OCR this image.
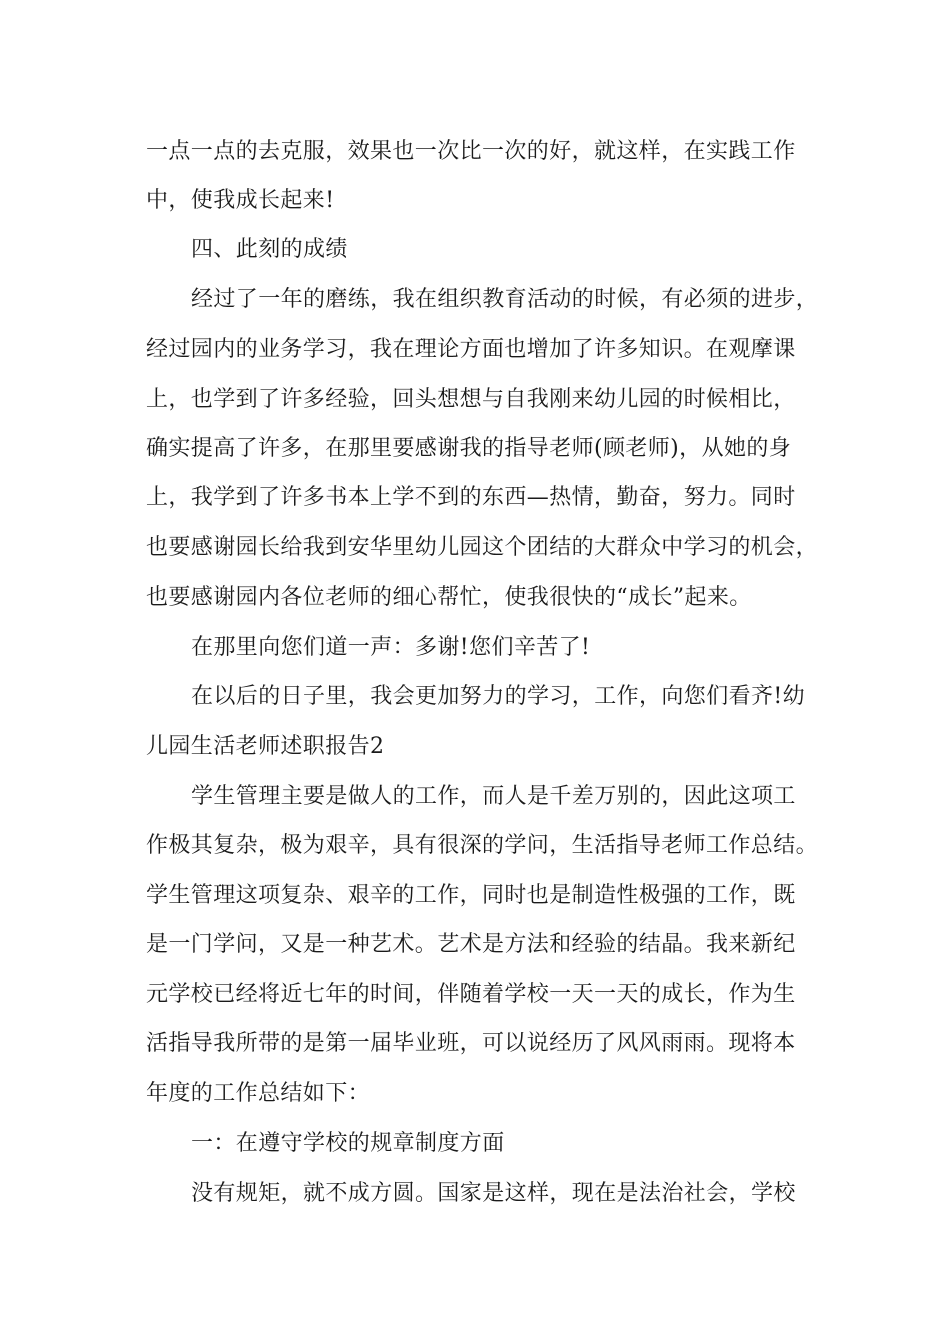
一点一点的去克服，效果也一次比一次的好，就这样，在实践工作
中，使我成长起来!
四、此刻的成绩
经过了一年的磨练，我在组织教育活动的时候，有必须的进步，
经过园内的业务学习，我在理论方面也增加了许多知识。在观摩课
上，也学到了许多经验，回头想想与自我刚来幼儿园的时候相比，
确实提高了许多，在那里要感谢我的指导老师(顾老师)，从她的身
上，我学到了许多书本上学不到的东西—热情，勤奋，努力。同时
也要感谢园长给我到安华里幼儿园这个团结的大群众中学习的机会，
也要感谢园内各位老师的细心帮忙，使我很快的“成长”起来。
在那里向您们道一声：多谢!您们辛苦了!
在以后的日子里，我会更加努力的学习，工作，向您们看齐!幼
儿园生活老师述职报告2
学生管理主要是做人的工作，而人是千差万别的，因此这项工
作极其复杂，极为艰辛，具有很深的学问，生活指导老师工作总结。
学生管理这项复杂、艰辛的工作，同时也是制造性极强的工作，既
是一门学问，又是一种艺术。艺术是方法和经验的结晶。我来新纪
元学校已经将近七年的时间，伴随着学校一天一天的成长，作为生
活指导我所带的是第一届毕业班，可以说经历了风风雨雨。现将本
年度的工作总结如下：
一：在遵守学校的规章制度方面
没有规矩，就不成方圆。国家是这样，现在是法治社会，学校
